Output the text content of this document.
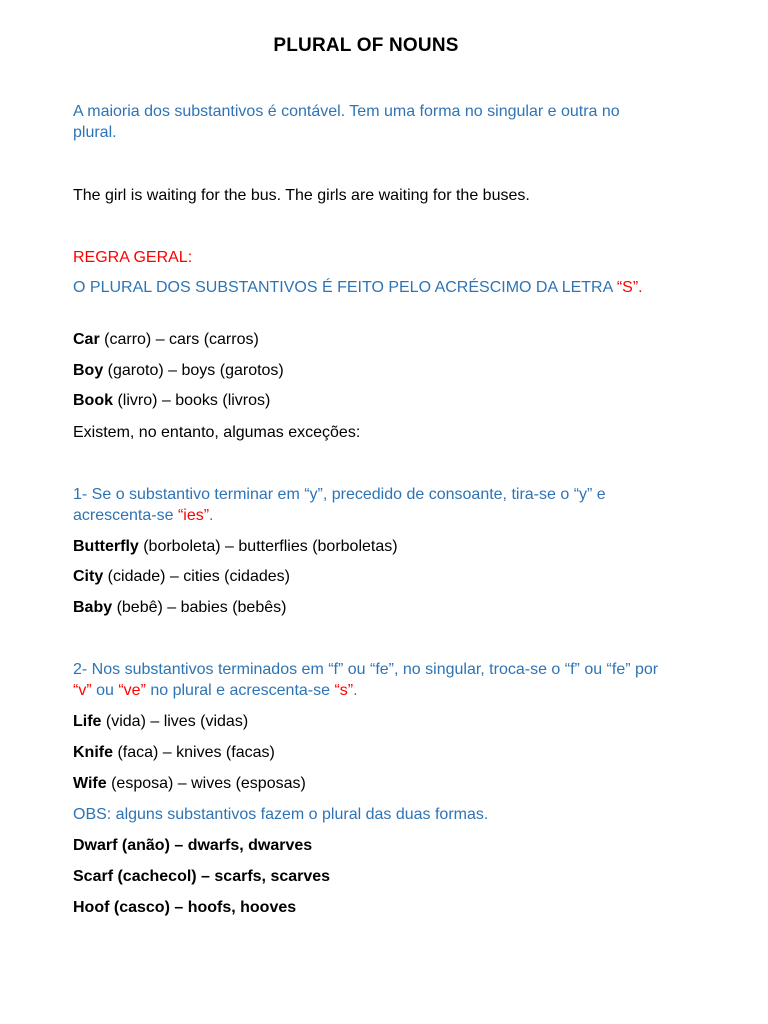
PLURAL OF NOUNS

A maioria dos substantivos é contável. Tem uma forma no singular e outra no plural.

The girl is waiting for the bus. The girls are waiting for the buses.

REGRA GERAL:

O PLURAL DOS SUBSTANTIVOS É FEITO PELO ACRÉSCIMO DA LETRA “S”.

Car (carro) – cars (carros)

Boy (garoto) – boys (garotos)

Book (livro) – books (livros)

Existem, no entanto, algumas exceções:

1- Se o substantivo terminar em “y”, precedido de consoante, tira-se o “y” e acrescenta-se “ies”.

Butterfly (borboleta) – butterflies (borboletas)

City (cidade) – cities (cidades)

Baby (bebê) – babies (bebês)

2- Nos substantivos terminados em “f” ou “fe”, no singular, troca-se o “f” ou “fe” por “v” ou “ve” no plural e acrescenta-se “s”.

Life (vida) – lives (vidas)

Knife (faca) – knives (facas)

Wife (esposa) – wives (esposas)

OBS: alguns substantivos fazem o plural das duas formas.

Dwarf (anão) – dwarfs, dwarves

Scarf (cachecol) – scarfs, scarves

Hoof (casco) – hoofs, hooves
